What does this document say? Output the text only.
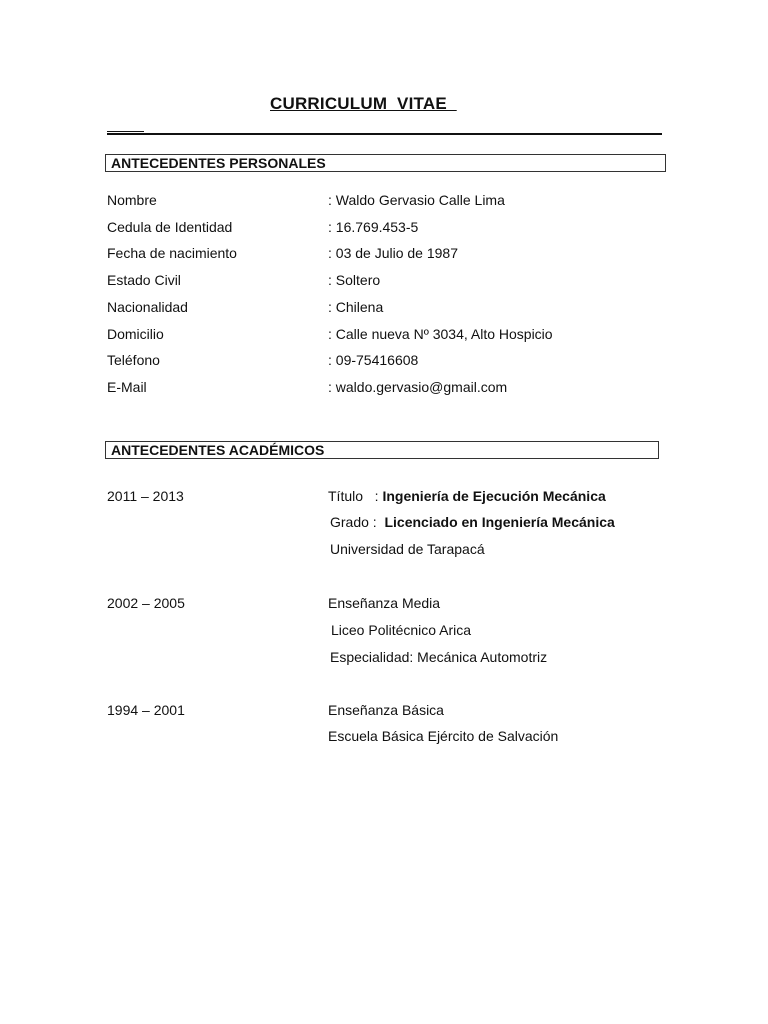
CURRICULUM  VITAE
ANTECEDENTES PERSONALES
Nombre	: Waldo Gervasio Calle Lima
Cedula de Identidad	: 16.769.453-5
Fecha de nacimiento	: 03 de Julio de 1987
Estado Civil	: Soltero
Nacionalidad	: Chilena
Domicilio	: Calle nueva Nº 3034, Alto Hospicio
Teléfono	: 09-75416608
E-Mail	: waldo.gervasio@gmail.com
ANTECEDENTES ACADÉMICOS
2011 – 2013	Título   : Ingeniería de Ejecución Mecánica
Grado : Licenciado en Ingeniería Mecánica
Universidad de Tarapacá
2002 – 2005	Enseñanza Media
Liceo Politécnico Arica
Especialidad: Mecánica Automotriz
1994 – 2001	Enseñanza Básica
Escuela Básica Ejército de Salvación
